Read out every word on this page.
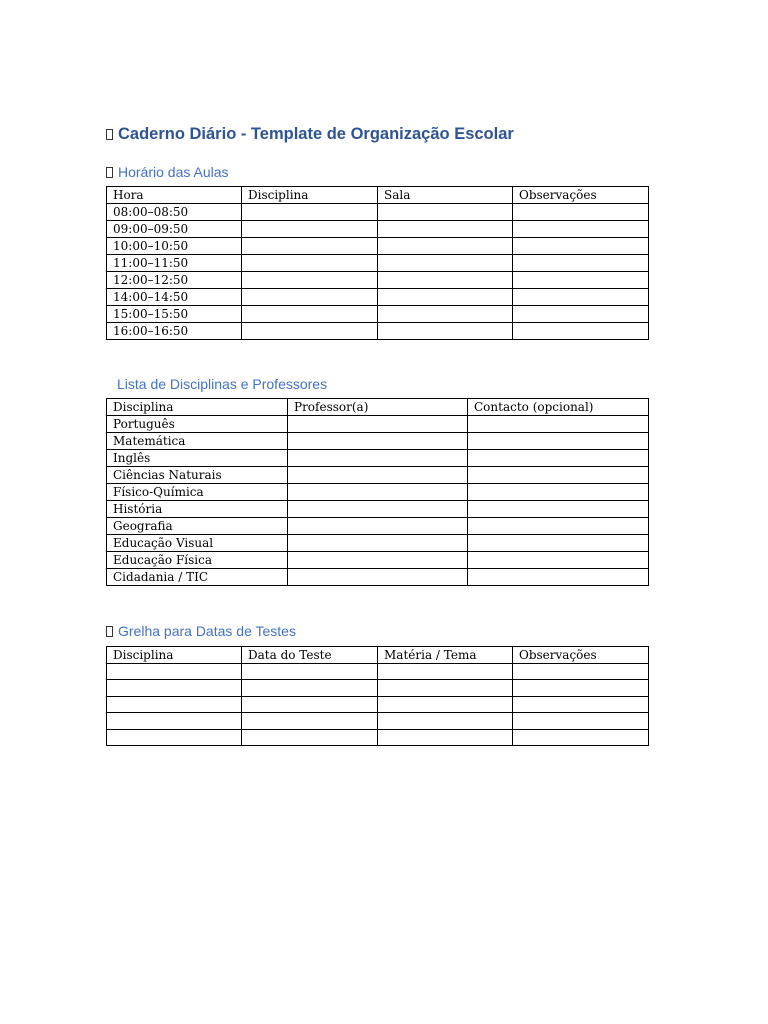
Caderno Diário - Template de Organização Escolar
Horário das Aulas
Hora	Disciplina	Sala	Observações
08:00–08:50			
09:00–09:50			
10:00–10:50			
11:00–11:50			
12:00–12:50			
14:00–14:50			
15:00–15:50			
16:00–16:50			
Lista de Disciplinas e Professores
Disciplina	Professor(a)	Contacto (opcional)
Português		
Matemática		
Inglês		
Ciências Naturais		
Físico-Química		
História		
Geografia		
Educação Visual		
Educação Física		
Cidadania / TIC		
Grelha para Datas de Testes
Disciplina	Data do Teste	Matéria / Tema	Observações
